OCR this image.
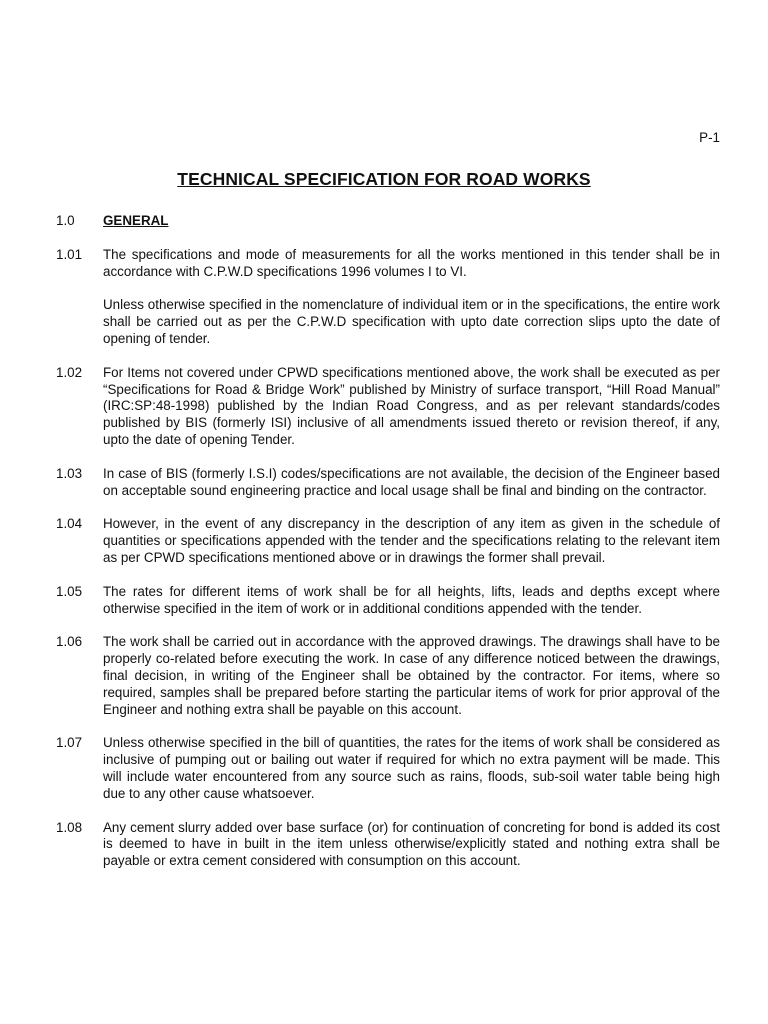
P-1
TECHNICAL SPECIFICATION FOR ROAD WORKS
1.0	GENERAL
1.01	The specifications and mode of measurements for all the works mentioned in this tender shall be in accordance with C.P.W.D specifications 1996 volumes I to VI.

Unless otherwise specified in the nomenclature of individual item or in the specifications, the entire work shall be carried out as per the C.P.W.D specification with upto date correction slips upto the date of opening of tender.

1.02	For Items not covered under CPWD specifications mentioned above, the work shall be executed as per “Specifications for Road & Bridge Work” published by Ministry of surface transport, “Hill Road Manual” (IRC:SP:48-1998) published by the Indian Road Congress, and as per relevant standards/codes published by BIS (formerly ISI) inclusive of all amendments issued thereto or revision thereof, if any, upto the date of opening Tender.

1.03	In case of BIS (formerly I.S.I) codes/specifications are not available, the decision of the Engineer based on acceptable sound engineering practice and local usage shall be final and binding on the contractor.

1.04	However, in the event of any discrepancy in the description of any item as given in the schedule of quantities or specifications appended with the tender and the specifications relating to the relevant item as per CPWD specifications mentioned above or in drawings the former shall prevail.

1.05	The rates for different items of work shall be for all heights, lifts, leads and depths except where otherwise specified in the item of work or in additional conditions appended with the tender.

1.06	The work shall be carried out in accordance with the approved drawings. The drawings shall have to be properly co-related before executing the work. In case of any difference noticed between the drawings, final decision, in writing of the Engineer shall be obtained by the contractor. For items, where so required, samples shall be prepared before starting the particular items of work for prior approval of the Engineer and nothing extra shall be payable on this account.

1.07	Unless otherwise specified in the bill of quantities, the rates for the items of work shall be considered as inclusive of pumping out or bailing out water if required for which no extra payment will be made. This will include water encountered from any source such as rains, floods, sub-soil water table being high due to any other cause whatsoever.

1.08	Any cement slurry added over base surface (or) for continuation of concreting for bond is added its cost is deemed to have in built in the item unless otherwise/explicitly stated and nothing extra shall be payable or extra cement considered with consumption on this account.
